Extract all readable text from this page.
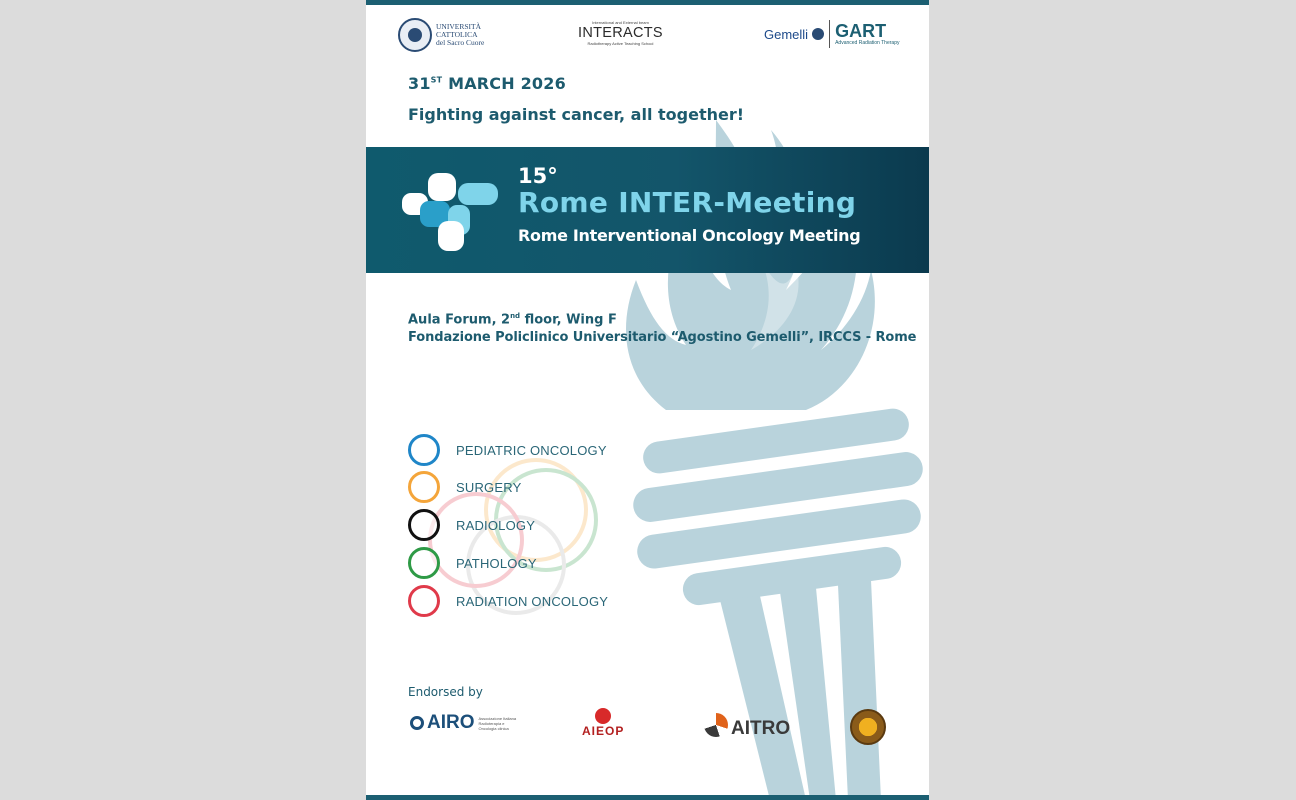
UNIVERSITÀ
CATTOLICA
del Sacro Cuore
International and External beam
INTERACTS
Radiotherapy Active Teaching School
Gemelli GART
Advanced Radiation Therapy
31ST MARCH 2026
Fighting against cancer, all together!
15°
Rome INTER-Meeting
Rome Interventional Oncology Meeting
Aula Forum, 2nd floor, Wing F
Fondazione Policlinico Universitario “Agostino Gemelli”, IRCCS - Rome
PEDIATRIC ONCOLOGY
SURGERY
RADIOLOGY
PATHOLOGY
RADIATION ONCOLOGY
Endorsed by
AIRO Associazione Italiana Radioterapia e Oncologia clinica	AIEOP	AITRO
